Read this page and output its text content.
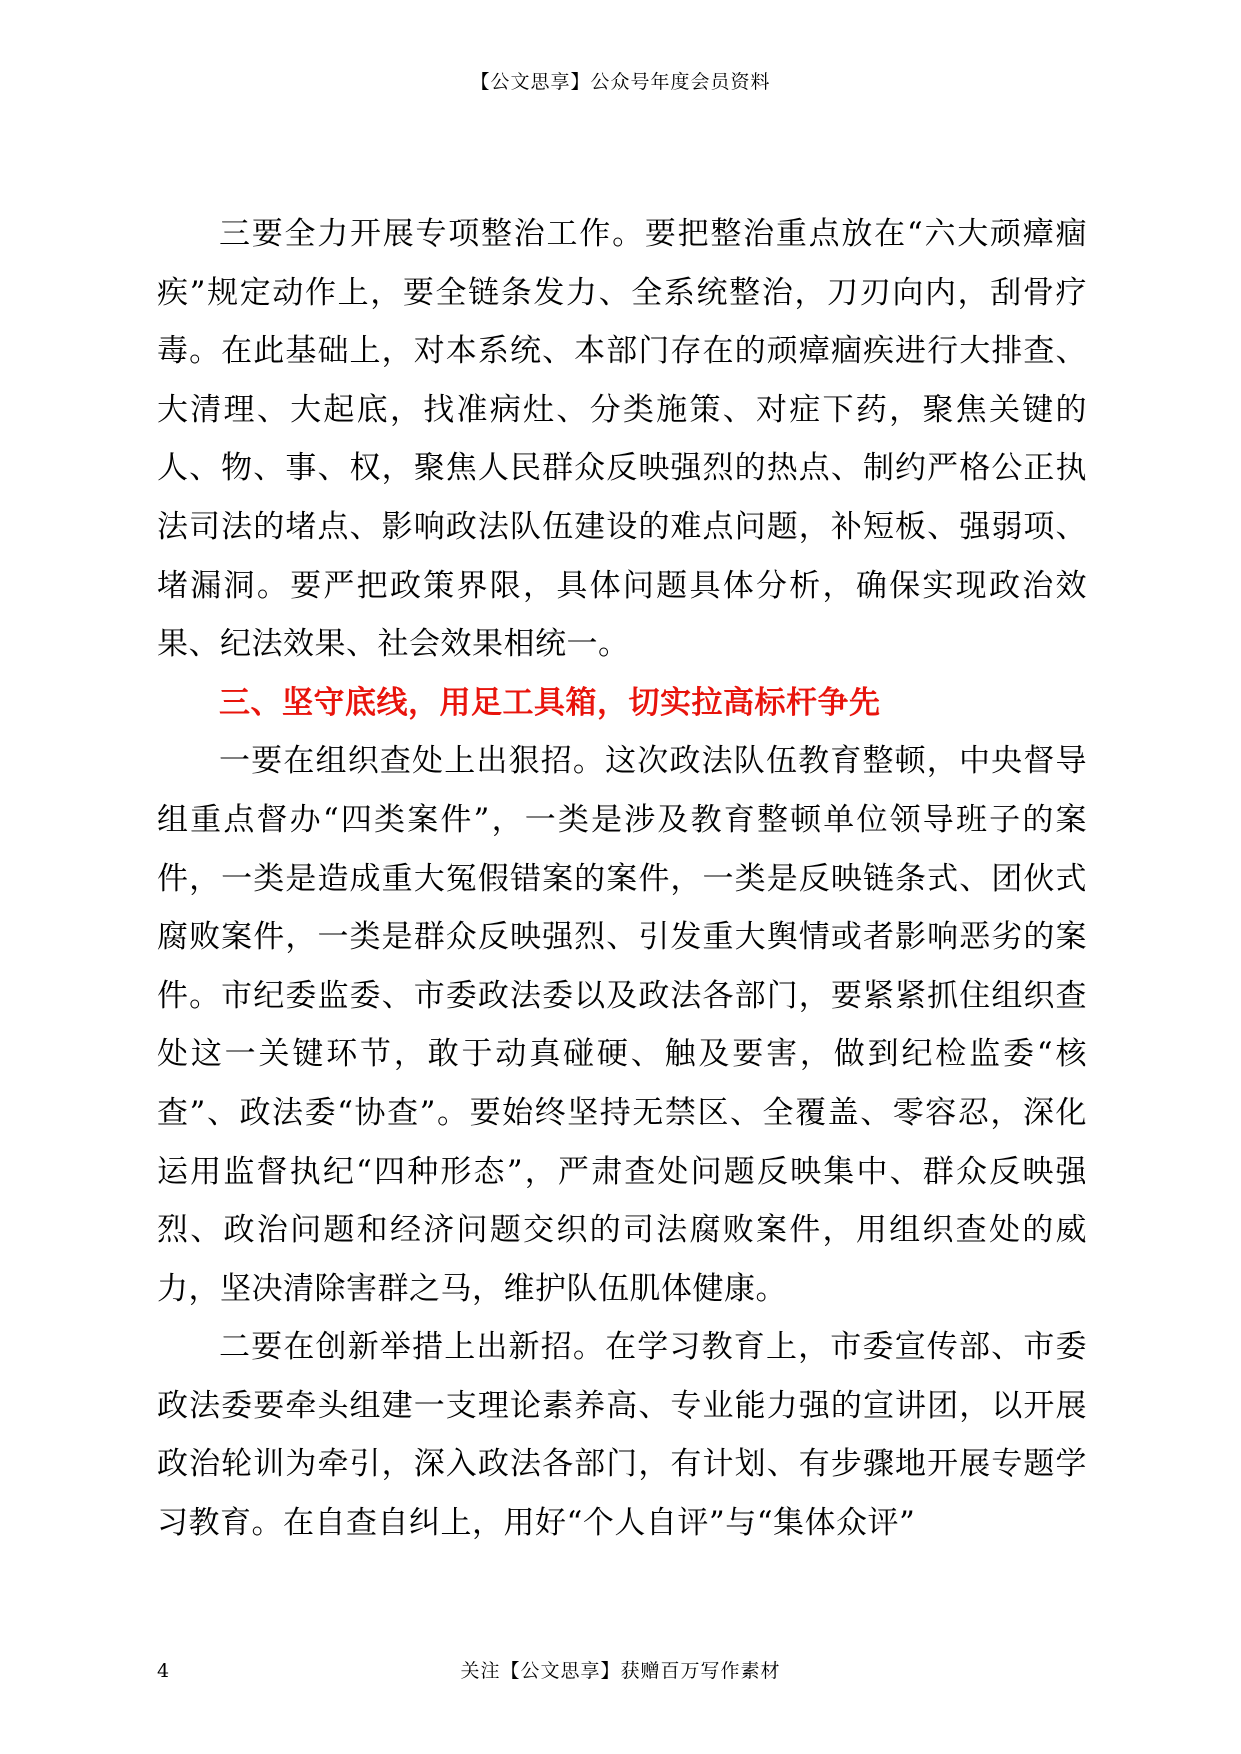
【公文思享】公众号年度会员资料

三要全力开展专项整治工作。要把整治重点放在“六大顽瘴痼疾”规定动作上，要全链条发力、全系统整治，刀刃向内，刮骨疗毒。在此基础上，对本系统、本部门存在的顽瘴痼疾进行大排查、大清理、大起底，找准病灶、分类施策、对症下药，聚焦关键的人、物、事、权，聚焦人民群众反映强烈的热点、制约严格公正执法司法的堵点、影响政法队伍建设的难点问题，补短板、强弱项、堵漏洞。要严把政策界限，具体问题具体分析，确保实现政治效果、纪法效果、社会效果相统一。

三、坚守底线，用足工具箱，切实拉高标杆争先

一要在组织查处上出狠招。这次政法队伍教育整顿，中央督导组重点督办“四类案件”，一类是涉及教育整顿单位领导班子的案件，一类是造成重大冤假错案的案件，一类是反映链条式、团伙式腐败案件，一类是群众反映强烈、引发重大舆情或者影响恶劣的案件。市纪委监委、市委政法委以及政法各部门，要紧紧抓住组织查处这一关键环节，敢于动真碰硬、触及要害，做到纪检监委“核查”、政法委“协查”。要始终坚持无禁区、全覆盖、零容忍，深化运用监督执纪“四种形态”，严肃查处问题反映集中、群众反映强烈、政治问题和经济问题交织的司法腐败案件，用组织查处的威力，坚决清除害群之马，维护队伍肌体健康。

二要在创新举措上出新招。在学习教育上，市委宣传部、市委政法委要牵头组建一支理论素养高、专业能力强的宣讲团，以开展政治轮训为牵引，深入政法各部门，有计划、有步骤地开展专题学习教育。在自查自纠上，用好“个人自评”与“集体众评”

4	关注【公文思享】获赠百万写作素材
